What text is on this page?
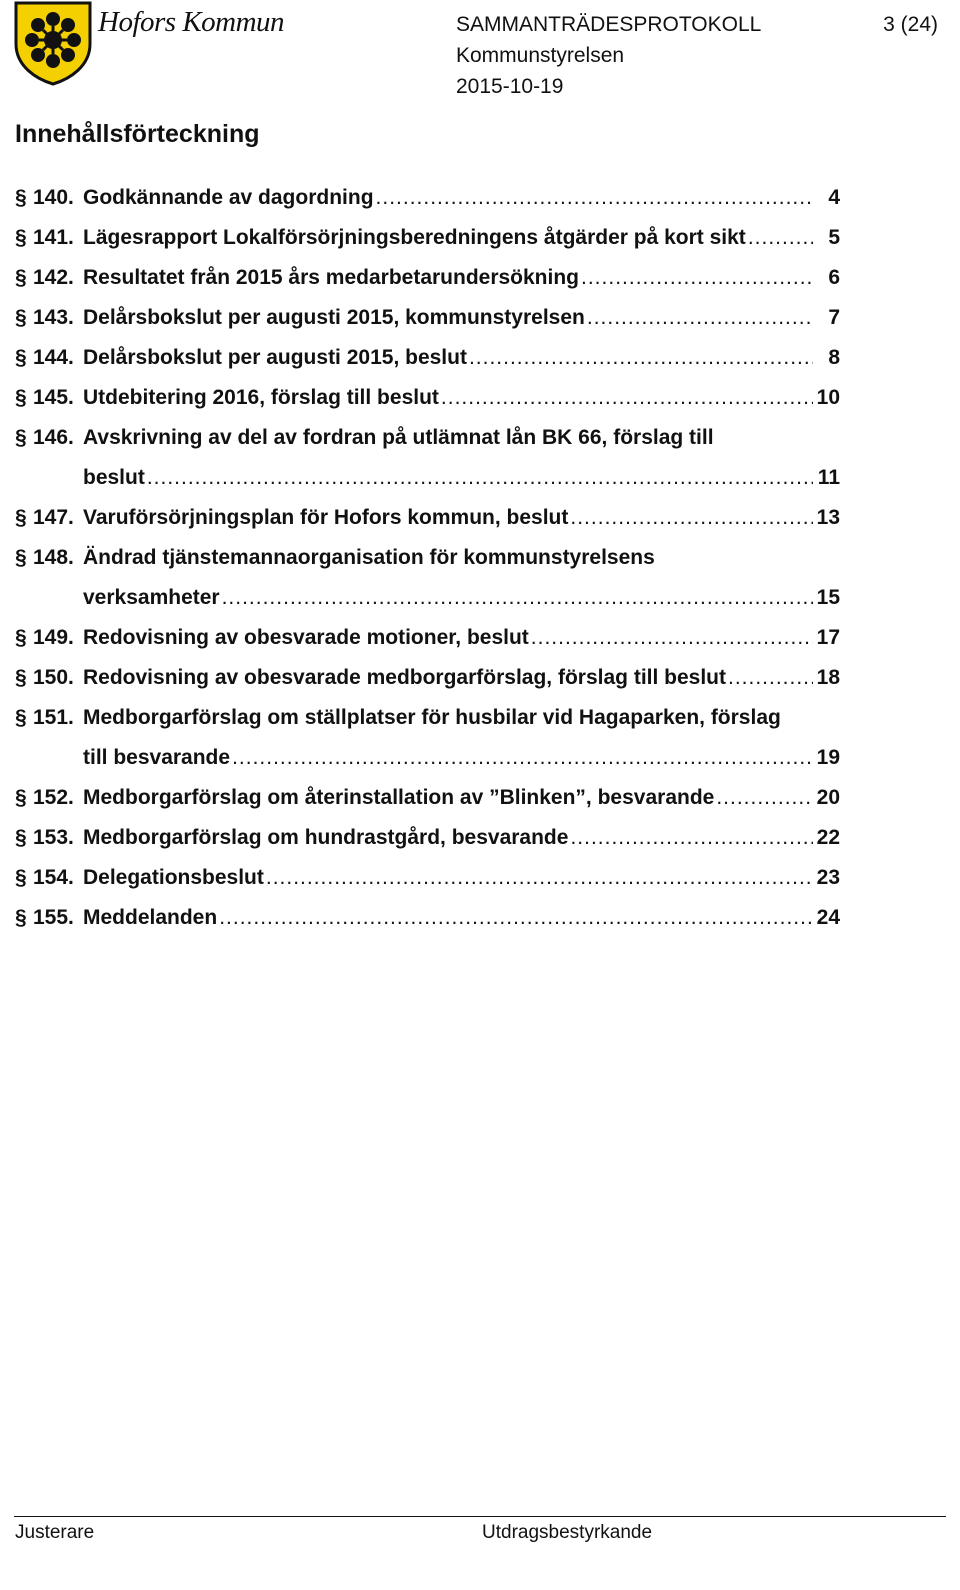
Hofors Kommun	SAMMANTRÄDESPROTOKOLL
Kommunstyrelsen
2015-10-19
3 (24)
Innehållsförteckning
§ 140. Godkännande av dagordning .....	4
§ 141. Lägesrapport Lokalförsörjningsberedningens åtgärder på kort sikt .....	5
§ 142. Resultatet från 2015 års medarbetarundersökning .....	6
§ 143. Delårsbokslut per augusti 2015, kommunstyrelsen .....	7
§ 144. Delårsbokslut per augusti 2015, beslut .....	8
§ 145. Utdebitering 2016, förslag till beslut .....	10
§ 146. Avskrivning av del av fordran på utlämnat lån BK 66, förslag till
beslut .....	11
§ 147. Varuförsörjningsplan för Hofors kommun, beslut .....	13
§ 148. Ändrad tjänstemannaorganisation för kommunstyrelsens
verksamheter .....	15
§ 149. Redovisning av obesvarade motioner, beslut .....	17
§ 150. Redovisning av obesvarade medborgarförslag, förslag till beslut .....	18
§ 151. Medborgarförslag om ställplatser för husbilar vid Hagaparken, förslag
till besvarande .....	19
§ 152. Medborgarförslag om återinstallation av ”Blinken”, besvarande .....	20
§ 153. Medborgarförslag om hundrastgård, besvarande .....	22
§ 154. Delegationsbeslut .....	23
§ 155. Meddelanden .....	24
Justerare	Utdragsbestyrkande
